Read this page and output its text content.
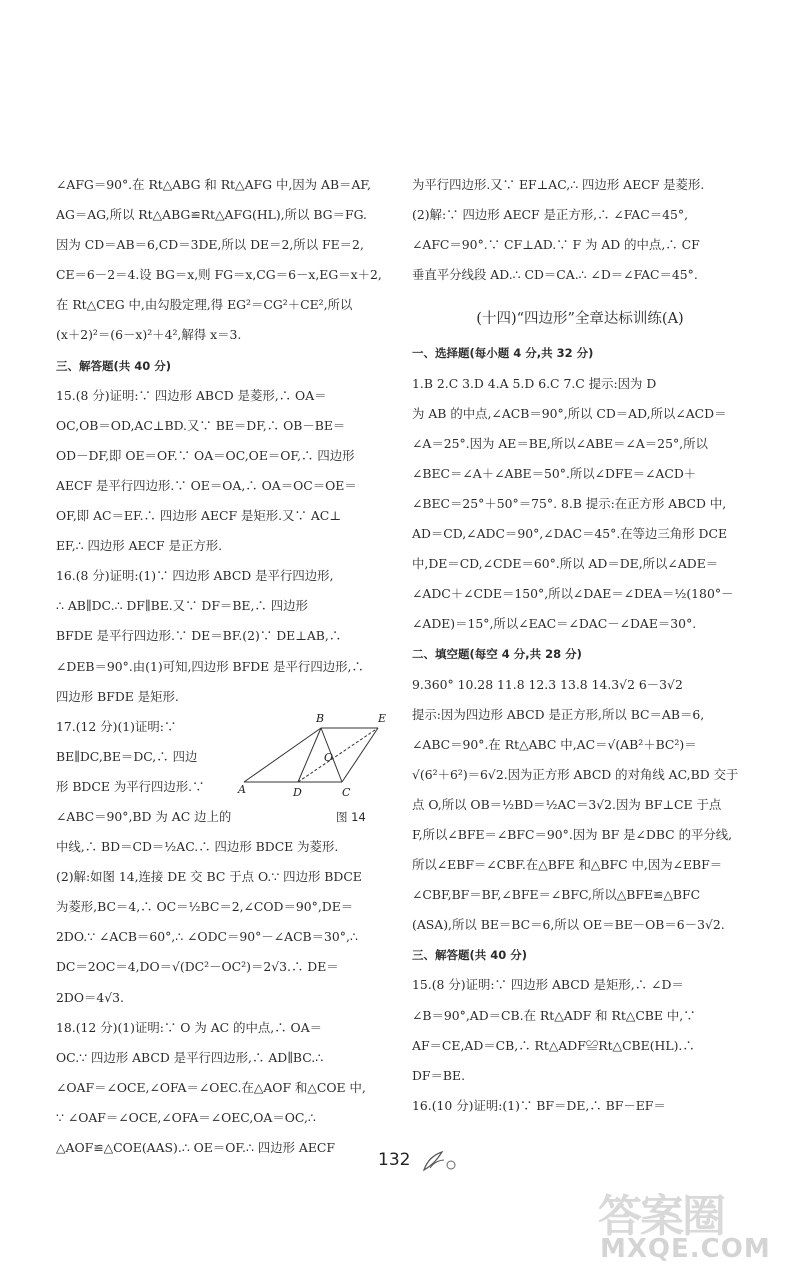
∠AFG＝90°.在 Rt△ABG 和 Rt△AFG 中,因为 AB＝AF,
AG＝AG,所以 Rt△ABG≌Rt△AFG(HL),所以 BG＝FG.
因为 CD＝AB＝6,CD＝3DE,所以 DE＝2,所以 FE＝2,
CE＝6－2＝4.设 BG＝x,则 FG＝x,CG＝6－x,EG＝x＋2,
在 Rt△CEG 中,由勾股定理,得 EG²＝CG²＋CE²,所以
(x＋2)²＝(6－x)²＋4²,解得 x＝3.
三、解答题(共 40 分)
15.(8 分)证明:∵ 四边形 ABCD 是菱形,∴ OA＝
OC,OB＝OD,AC⊥BD.又∵ BE＝DF,∴ OB－BE＝
OD－DF,即 OE＝OF.∵ OA＝OC,OE＝OF,∴ 四边形
AECF 是平行四边形.∵ OE＝OA,∴ OA＝OC＝OE＝
OF,即 AC＝EF.∴ 四边形 AECF 是矩形.又∵ AC⊥
EF,∴ 四边形 AECF 是正方形.
16.(8 分)证明:(1)∵ 四边形 ABCD 是平行四边形,
∴ AB∥DC.∴ DF∥BE.又∵ DF＝BE,∴ 四边形
BFDE 是平行四边形.∵ DE＝BF.(2)∵ DE⊥AB,∴
∠DEB＝90°.由(1)可知,四边形 BFDE 是平行四边形,∴
四边形 BFDE 是矩形.
17.(12 分)(1)证明:∵
BE∥DC,BE＝DC,∴ 四边
形 BDCE 为平行四边形.∵
∠ABC＝90°,BD 为 AC 边上的
A
B
C
D
E
O
图 14
中线,∴ BD＝CD＝½AC.∴ 四边形 BDCE 为菱形.
(2)解:如图 14,连接 DE 交 BC 于点 O.∵ 四边形 BDCE
为菱形,BC＝4,∴ OC＝½BC＝2,∠COD＝90°,DE＝
2DO.∵ ∠ACB＝60°,∴ ∠ODC＝90°－∠ACB＝30°,∴
DC＝2OC＝4,DO＝√(DC²－OC²)＝2√3.∴ DE＝
2DO＝4√3.
18.(12 分)(1)证明:∵ O 为 AC 的中点,∴ OA＝
OC.∵ 四边形 ABCD 是平行四边形,∴ AD∥BC.∴
∠OAF＝∠OCE,∠OFA＝∠OEC.在△AOF 和△COE 中,
∵ ∠OAF＝∠OCE,∠OFA＝∠OEC,OA＝OC,∴
△AOF≌△COE(AAS).∴ OE＝OF.∴ 四边形 AECF
为平行四边形.又∵ EF⊥AC,∴ 四边形 AECF 是菱形.
(2)解:∵ 四边形 AECF 是正方形,∴ ∠FAC＝45°,
∠AFC＝90°.∵ CF⊥AD.∵ F 为 AD 的中点,∴ CF
垂直平分线段 AD.∴ CD＝CA.∴ ∠D＝∠FAC＝45°.
(十四)“四边形”全章达标训练(A)
一、选择题(每小题 4 分,共 32 分)
1.B 2.C 3.D 4.A 5.D 6.C 7.C 提示:因为 D
为 AB 的中点,∠ACB＝90°,所以 CD＝AD,所以∠ACD＝
∠A＝25°.因为 AE＝BE,所以∠ABE＝∠A＝25°,所以
∠BEC＝∠A＋∠ABE＝50°.所以∠DFE＝∠ACD＋
∠BEC＝25°＋50°＝75°. 8.B 提示:在正方形 ABCD 中,
AD＝CD,∠ADC＝90°,∠DAC＝45°.在等边三角形 DCE
中,DE＝CD,∠CDE＝60°.所以 AD＝DE,所以∠ADE＝
∠ADC＋∠CDE＝150°,所以∠DAE＝∠DEA＝½(180°－
∠ADE)＝15°,所以∠EAC＝∠DAC－∠DAE＝30°.
二、填空题(每空 4 分,共 28 分)
9.360° 10.28 11.8 12.3 13.8 14.3√2 6－3√2
提示:因为四边形 ABCD 是正方形,所以 BC＝AB＝6,
∠ABC＝90°.在 Rt△ABC 中,AC＝√(AB²＋BC²)＝
√(6²＋6²)＝6√2.因为正方形 ABCD 的对角线 AC,BD 交于
点 O,所以 OB＝½BD＝½AC＝3√2.因为 BF⊥CE 于点
F,所以∠BFE＝∠BFC＝90°.因为 BF 是∠DBC 的平分线,
所以∠EBF＝∠CBF.在△BFE 和△BFC 中,因为∠EBF＝
∠CBF,BF＝BF,∠BFE＝∠BFC,所以△BFE≌△BFC
(ASA),所以 BE＝BC＝6,所以 OE＝BE－OB＝6－3√2.
三、解答题(共 40 分)
15.(8 分)证明:∵ 四边形 ABCD 是矩形,∴ ∠D＝
∠B＝90°,AD＝CB.在 Rt△ADF 和 Rt△CBE 中,∵
AF＝CE,AD＝CB,∴ Rt△ADF≌Rt△CBE(HL).∴
DF＝BE.
16.(10 分)证明:(1)∵ BF＝DE,∴ BF－EF＝
132
答案圈
MXQE.COM
